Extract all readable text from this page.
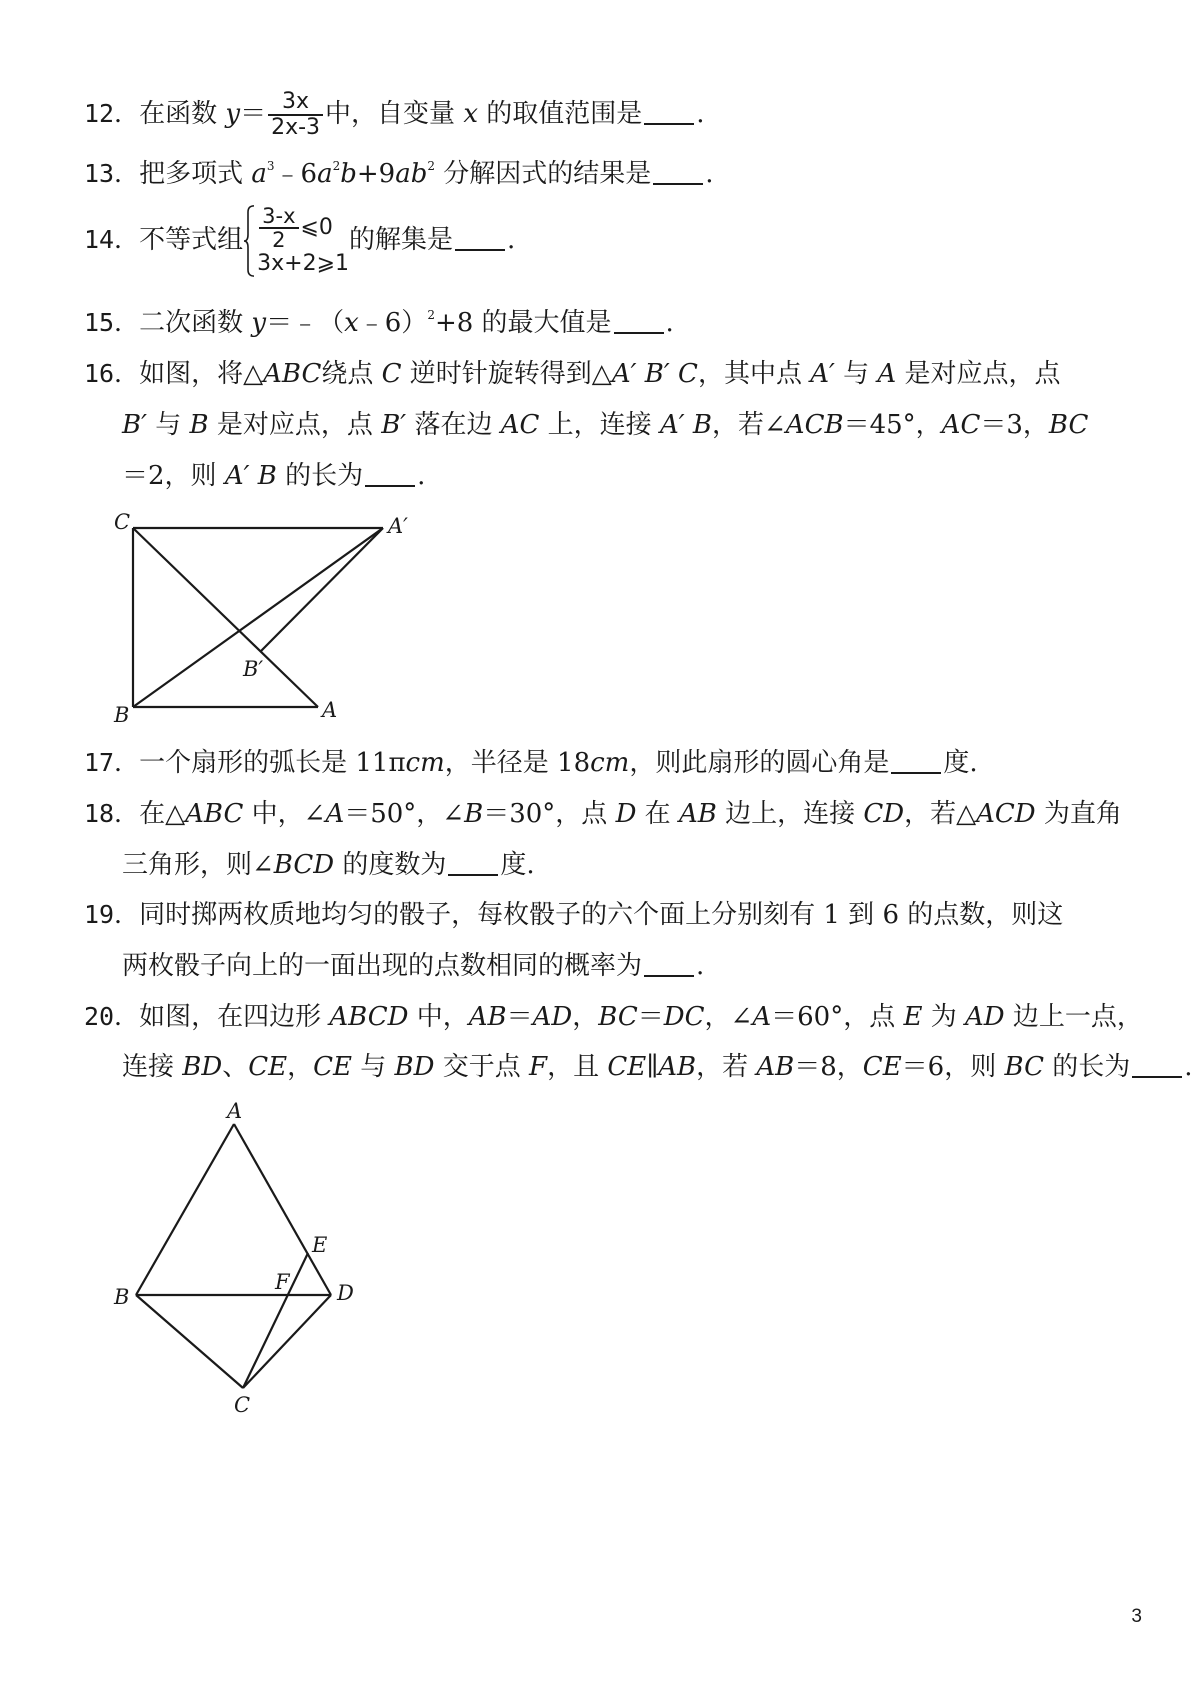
12．在函数 $y= \frac{3x}{2x-3}$ 中，自变量 x 的取值范围是 .
13．把多项式 $a^3﹣6a^2b+9ab^2$ 分解因式的结果是 .
14．不等式组 $\frac{3-x}{2}$ ⩽0
3x+2⩾1
的解集是 .
15．二次函数 y＝﹣（x﹣6）$^2$+8 的最大值是 .
16．如图，将△ABC绕点 C 逆时针旋转得到△A′ B′ C，其中点 A′ 与 A 是对应点，点
B′ 与 B 是对应点，点 B′ 落在边 AC 上，连接 A′ B，若∠ACB＝45°，AC＝3，BC
＝2，则 A′ B 的长为 .
C	A′
B′
B	A
17．一个扇形的弧长是 11πcm，半径是 18cm，则此扇形的圆心角是 度.
18．在△ABC 中，∠A＝50°，∠B＝30°，点 D 在 AB 边上，连接 CD，若△ACD 为直角
三角形，则∠BCD 的度数为 度.
19．同时掷两枚质地均匀的骰子，每枚骰子的六个面上分别刻有 1 到 6 的点数，则这
两枚骰子向上的一面出现的点数相同的概率为 .
20．如图，在四边形 ABCD 中，AB＝AD，BC＝DC，∠A＝60°，点 E 为 AD 边上一点，
连接 BD、CE，CE 与 BD 交于点 F，且 CE∥AB，若 AB＝8，CE＝6，则 BC 的长为 .
A
E
F
B	D
C
3
